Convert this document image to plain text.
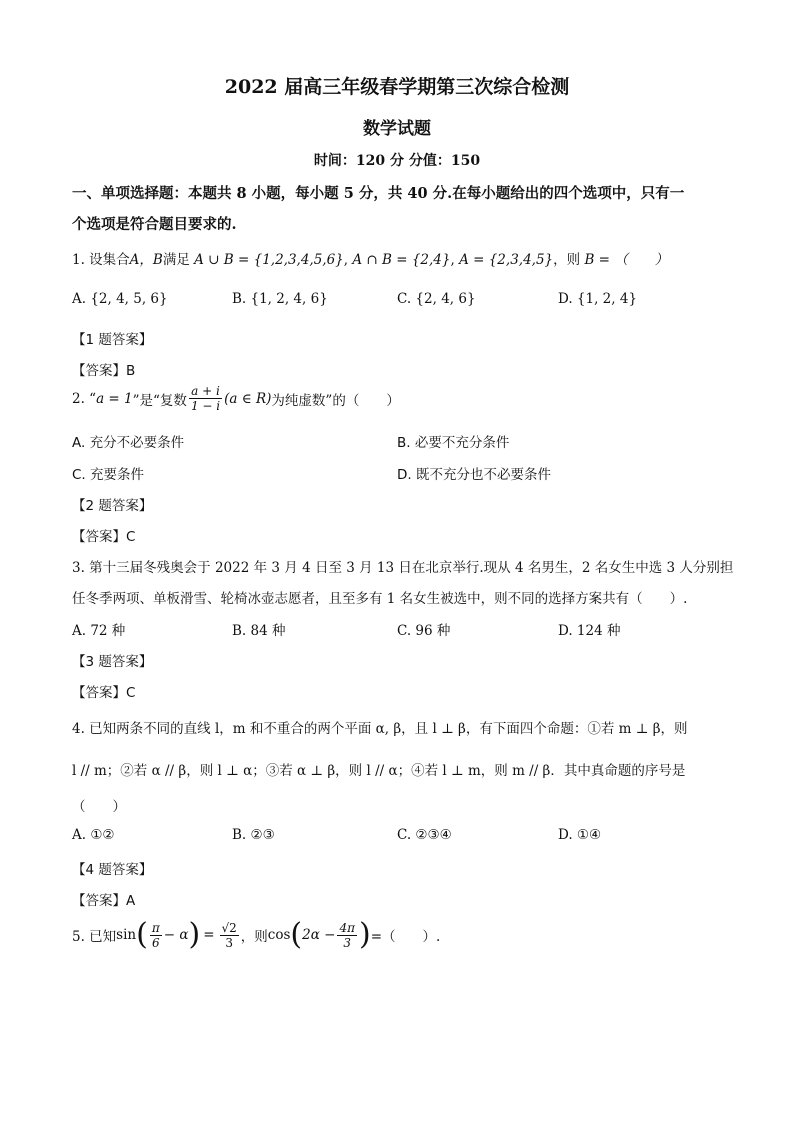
2022 届高三年级春学期第三次综合检测
数学试题
时间：120 分 分值：150
一、单项选择题：本题共 8 小题，每小题 5 分，共 40 分.在每小题给出的四个选项中，只有一
个选项是符合题目要求的.
1. 设集合A，B满足 A ∪ B = {1,2,3,4,5,6}, A ∩ B = {2,4}, A = {2,3,4,5}，则 B = （　　）
A. {2, 4, 5, 6}	B. {1, 2, 4, 6}	C. {2, 4, 6}	D. {1, 2, 4}
【1 题答案】
【答案】B
2. “ a = 1 ”是“复数 $\frac{a + i}{1 - i} (a$ ∈ R) 为纯虚数”的（　　）
A. 充分不必要条件	B. 必要不充分条件
C. 充要条件	D. 既不充分也不必要条件
【2 题答案】
【答案】C
3. 第十三届冬残奥会于 2022 年 3 月 4 日至 3 月 13 日在北京举行.现从 4 名男生，2 名女生中选 3 人分别担
任冬季两项、单板滑雪、轮椅冰壶志愿者，且至多有 1 名女生被选中，则不同的选择方案共有（　　）.
A. 72 种	B. 84 种	C. 96 种	D. 124 种
【3 题答案】
【答案】C
4. 已知两条不同的直线 l，m 和不重合的两个平面 α, β，且 l ⊥ β，有下面四个命题：①若 m ⊥ β，则
l // m；②若 α // β，则 l ⊥ α；③若 α ⊥ β，则 l // α；④若 l ⊥ m，则 m // β．其中真命题的序号是
（　　）
A. ①②	B. ②③	C. ②③④	D. ①④
【4 题答案】
【答案】A
5. 已知 sin ( $\frac{\pi}{6} - \alpha$ ) = $\frac{√2}{3}$ ，则 cos ( $2\alpha - \frac{4\pi}{3}$ ) =（　　）.
